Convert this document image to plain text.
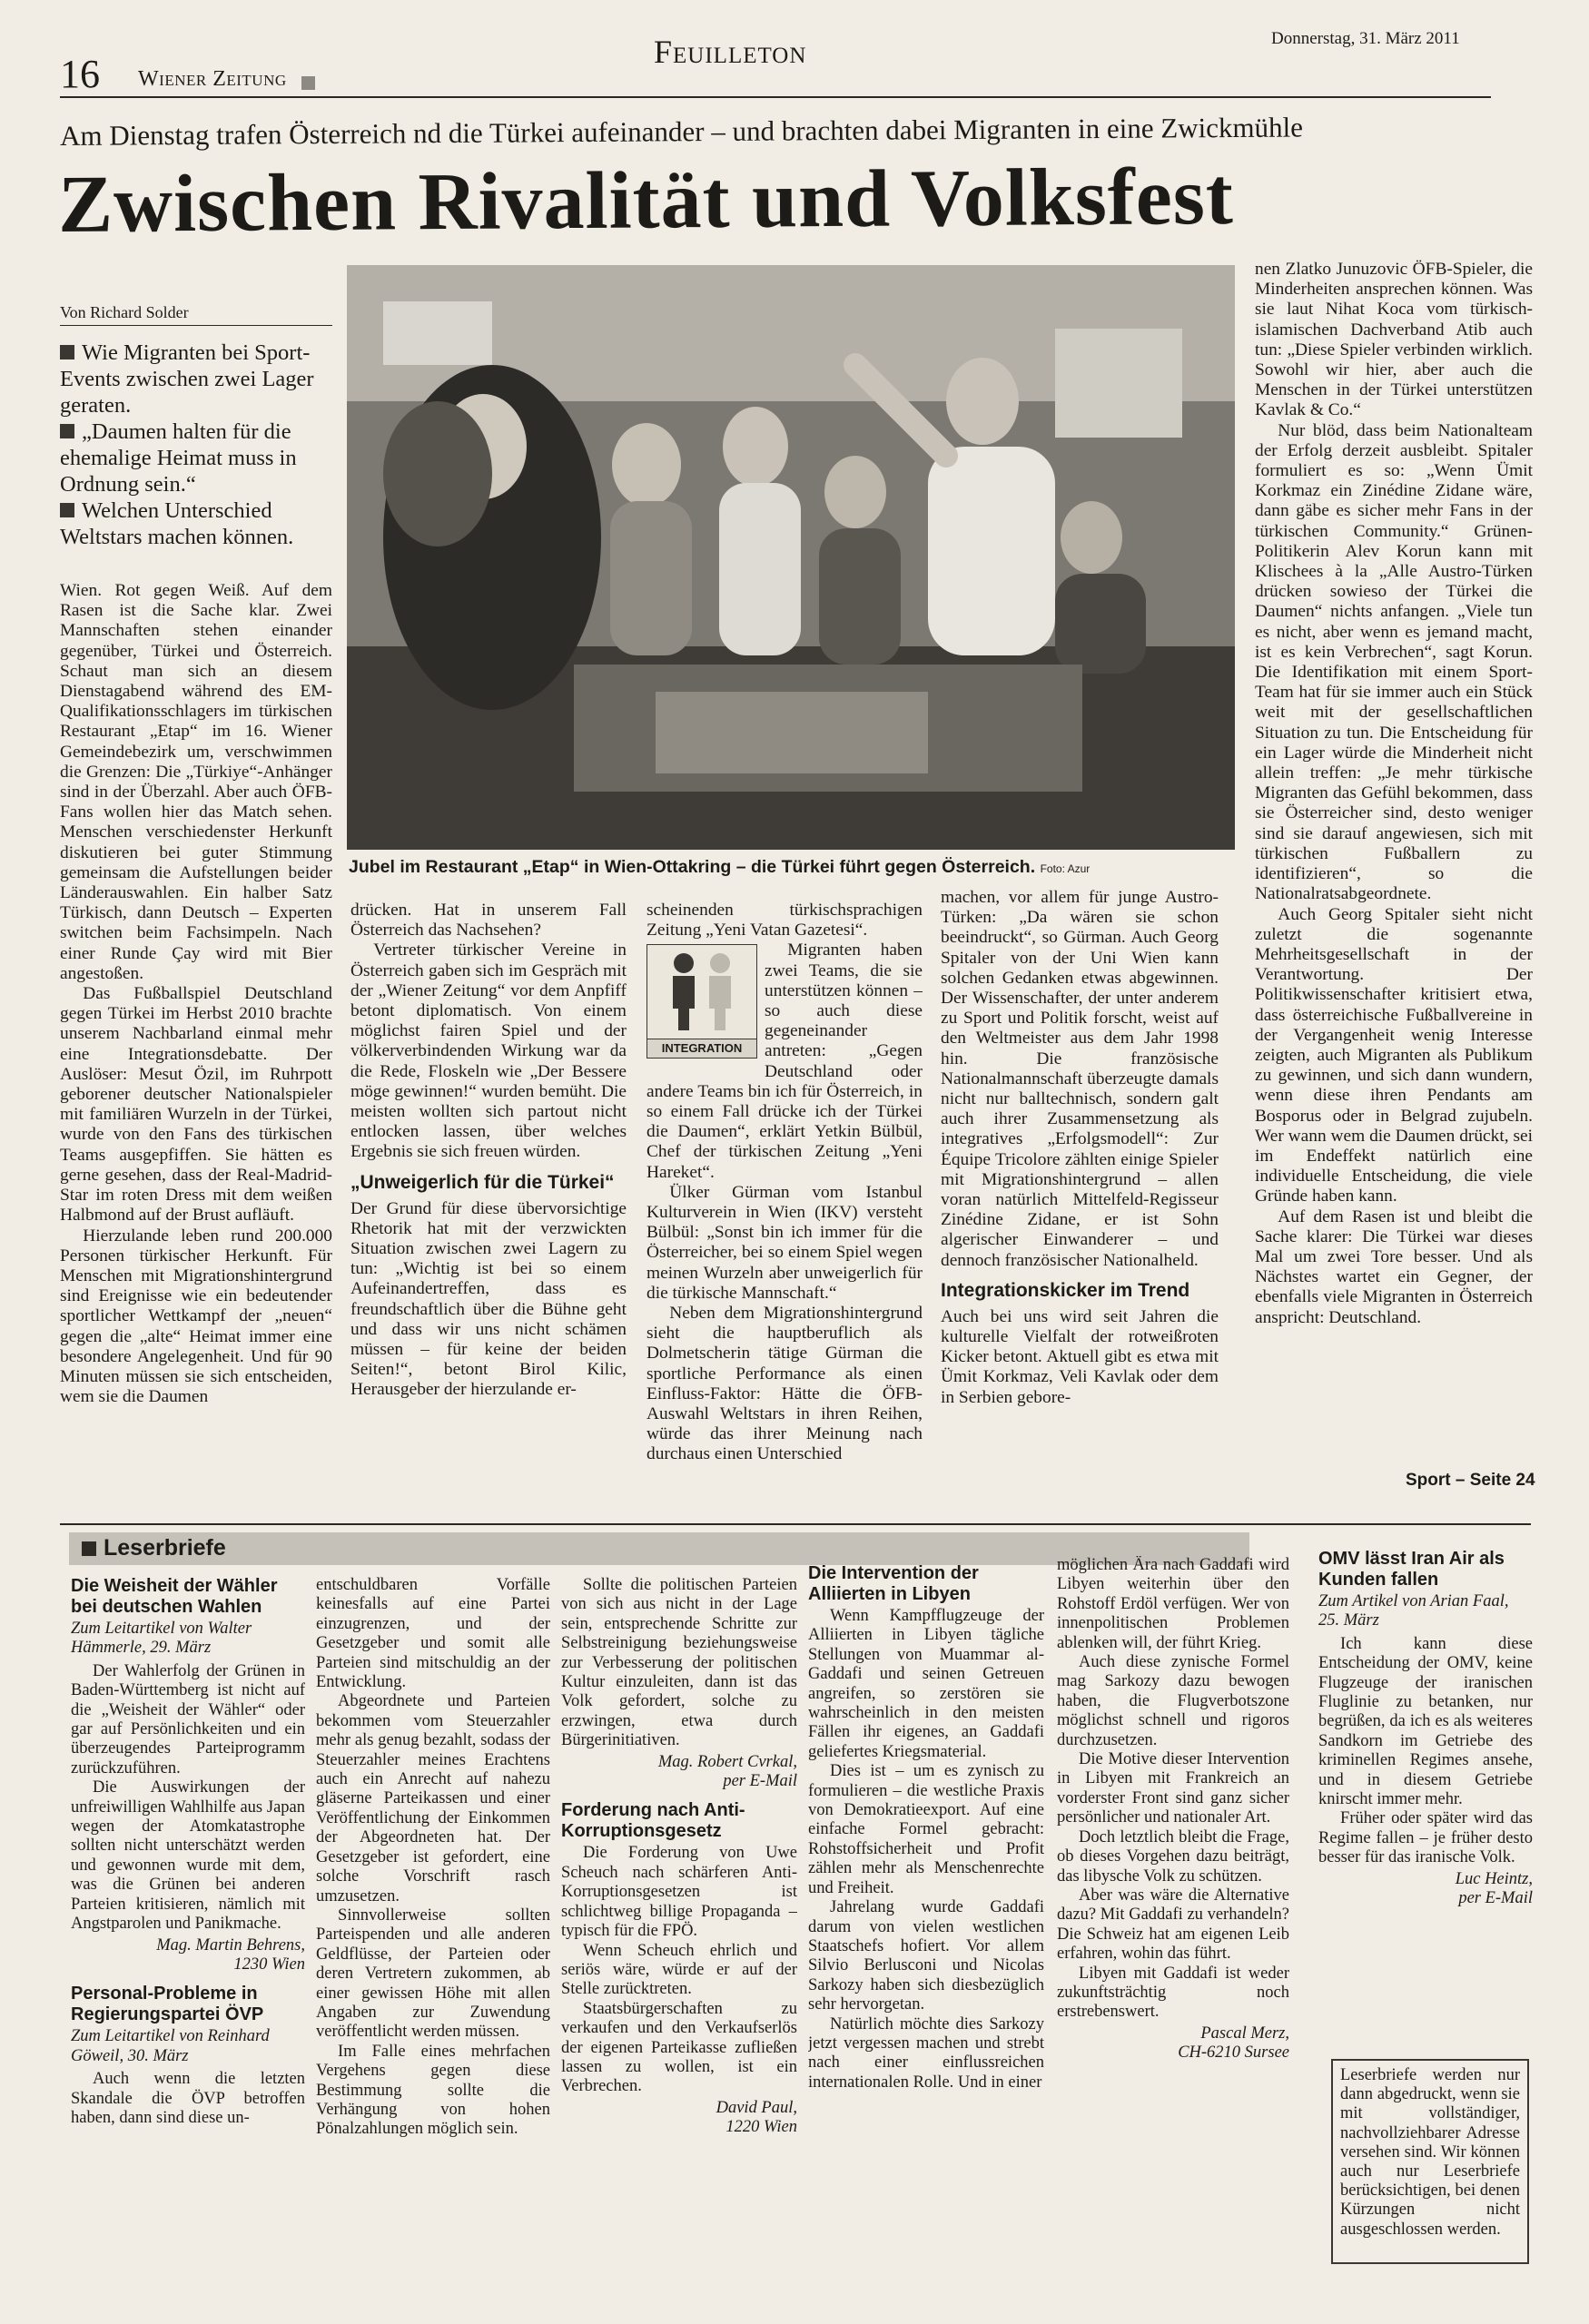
16 Wiener Zeitung
Feuilleton	Donnerstag, 31. März 2011
Am Dienstag trafen Österreich nd die Türkei aufeinander – und brachten dabei Migranten in eine Zwickmühle
Zwischen Rivalität und Volksfest
Von Richard Solder
Wie Migranten bei Sport-Events zwischen zwei Lager geraten.
„Daumen halten für die ehemalige Heimat muss in Ordnung sein.“
Welchen Unterschied Weltstars machen können.
Jubel im Restaurant „Etap“ in Wien-Ottakring – die Türkei führt gegen Österreich. Foto: Azur

Wien. Rot gegen Weiß. Auf dem Rasen ist die Sache klar. Zwei Mannschaften stehen einander gegenüber, Türkei und Österreich. Schaut man sich an diesem Dienstagabend während des EM-Qualifikationsschlagers im türkischen Restaurant „Etap“ im 16. Wiener Gemeindebezirk um, verschwimmen die Grenzen: Die „Türkiye“-Anhänger sind in der Überzahl. Aber auch ÖFB-Fans wollen hier das Match sehen. Menschen verschiedenster Herkunft diskutieren bei guter Stimmung gemeinsam die Aufstellungen beider Länderauswahlen. Ein halber Satz Türkisch, dann Deutsch – Experten switchen beim Fachsimpeln. Nach einer Runde Çay wird mit Bier angestoßen.

Das Fußballspiel Deutschland gegen Türkei im Herbst 2010 brachte unserem Nachbarland einmal mehr eine Integrationsdebatte. Der Auslöser: Mesut Özil, im Ruhrpott geborener deutscher Nationalspieler mit familiären Wurzeln in der Türkei, wurde von den Fans des türkischen Teams ausgepfiffen. Sie hätten es gerne gesehen, dass der Real-Madrid-Star im roten Dress mit dem weißen Halbmond auf der Brust aufläuft.

Hierzulande leben rund 200.000 Personen türkischer Herkunft. Für Menschen mit Migrationshintergrund sind Ereignisse wie ein bedeutender sportlicher Wettkampf der „neuen“ gegen die „alte“ Heimat immer eine besondere Angelegenheit. Und für 90 Minuten müssen sie sich entscheiden, wem sie die Daumen

drücken. Hat in unserem Fall Österreich das Nachsehen?

Vertreter türkischer Vereine in Österreich gaben sich im Gespräch mit der „Wiener Zeitung“ vor dem Anpfiff betont diplomatisch. Von einem möglichst fairen Spiel und der völkerverbindenden Wirkung war da die Rede, Floskeln wie „Der Bessere möge gewinnen!“ wurden bemüht. Die meisten wollten sich partout nicht entlocken lassen, über welches Ergebnis sie sich freuen würden.

„Unweigerlich für die Türkei“

Der Grund für diese übervorsichtige Rhetorik hat mit der verzwickten Situation zwischen zwei Lagern zu tun: „Wichtig ist bei so einem Aufeinandertreffen, dass es freundschaftlich über die Bühne geht und dass wir uns nicht schämen müssen – für keine der beiden Seiten!“, betont Birol Kilic, Herausgeber der hierzulande er-

scheinenden türkischsprachigen Zeitung „Yeni Vatan Gazetesi“.

INTEGRATION

Migranten haben zwei Teams, die sie unterstützen können – so auch diese gegeneinander antreten: „Gegen Deutschland oder andere Teams bin ich für Österreich, in so einem Fall drücke ich der Türkei die Daumen“, erklärt Yetkin Bülbül, Chef der türkischen Zeitung „Yeni Hareket“.

Ülker Gürman vom Istanbul Kulturverein in Wien (IKV) versteht Bülbül: „Sonst bin ich immer für die Österreicher, bei so einem Spiel wegen meinen Wurzeln aber unweigerlich für die türkische Mannschaft.“

Neben dem Migrationshintergrund sieht die hauptberuflich als Dolmetscherin tätige Gürman die sportliche Performance als einen Einfluss-Faktor: Hätte die ÖFB-Auswahl Weltstars in ihren Reihen, würde das ihrer Meinung nach durchaus einen Unterschied

machen, vor allem für junge Austro-Türken: „Da wären sie schon beeindruckt“, so Gürman. Auch Georg Spitaler von der Uni Wien kann solchen Gedanken etwas abgewinnen. Der Wissenschafter, der unter anderem zu Sport und Politik forscht, weist auf den Weltmeister aus dem Jahr 1998 hin. Die französische Nationalmannschaft überzeugte damals nicht nur balltechnisch, sondern galt auch ihrer Zusammensetzung als integratives „Erfolgsmodell“: Zur Équipe Tricolore zählten einige Spieler mit Migrationshintergrund – allen voran natürlich Mittelfeld-Regisseur Zinédine Zidane, er ist Sohn algerischer Einwanderer – und dennoch französischer Nationalheld.

Integrationskicker im Trend

Auch bei uns wird seit Jahren die kulturelle Vielfalt der rotweißroten Kicker betont. Aktuell gibt es etwa mit Ümit Korkmaz, Veli Kavlak oder dem in Serbien gebore-

nen Zlatko Junuzovic ÖFB-Spieler, die Minderheiten ansprechen können. Was sie laut Nihat Koca vom türkisch-islamischen Dachverband Atib auch tun: „Diese Spieler verbinden wirklich. Sowohl wir hier, aber auch die Menschen in der Türkei unterstützen Kavlak & Co.“

Nur blöd, dass beim Nationalteam der Erfolg derzeit ausbleibt. Spitaler formuliert es so: „Wenn Ümit Korkmaz ein Zinédine Zidane wäre, dann gäbe es sicher mehr Fans in der türkischen Community.“ Grünen-Politikerin Alev Korun kann mit Klischees à la „Alle Austro-Türken drücken sowieso der Türkei die Daumen“ nichts anfangen. „Viele tun es nicht, aber wenn es jemand macht, ist es kein Verbrechen“, sagt Korun. Die Identifikation mit einem Sport-Team hat für sie immer auch ein Stück weit mit der gesellschaftlichen Situation zu tun. Die Entscheidung für ein Lager würde die Minderheit nicht allein treffen: „Je mehr türkische Migranten das Gefühl bekommen, dass sie Österreicher sind, desto weniger sind sie darauf angewiesen, sich mit türkischen Fußballern zu identifizieren“, so die Nationalratsabgeordnete.

Auch Georg Spitaler sieht nicht zuletzt die sogenannte Mehrheitsgesellschaft in der Verantwortung. Der Politikwissenschafter kritisiert etwa, dass österreichische Fußballvereine in der Vergangenheit wenig Interesse zeigten, auch Migranten als Publikum zu gewinnen, und sich dann wundern, wenn diese ihren Pendants am Bosporus oder in Belgrad zujubeln. Wer wann wem die Daumen drückt, sei im Endeffekt natürlich eine individuelle Entscheidung, die viele Gründe haben kann.

Auf dem Rasen ist und bleibt die Sache klarer: Die Türkei war dieses Mal um zwei Tore besser. Und als Nächstes wartet ein Gegner, der ebenfalls viele Migranten in Österreich anspricht: Deutschland.

Sport – Seite 24
Leserbriefe
Die Weisheit der Wähler bei deutschen Wahlen

Zum Leitartikel von Walter Hämmerle, 29. März

Der Wahlerfolg der Grünen in Baden-Württemberg ist nicht auf die „Weisheit der Wähler“ oder gar auf Persönlichkeiten und ein überzeugendes Parteiprogramm zurückzuführen.

Die Auswirkungen der unfreiwilligen Wahlhilfe aus Japan wegen der Atomkatastrophe sollten nicht unterschätzt werden und gewonnen wurde mit dem, was die Grünen bei anderen Parteien kritisieren, nämlich mit Angstparolen und Panikmache.

Mag. Martin Behrens,
1230 Wien

Personal-Probleme in Regierungspartei ÖVP

Zum Leitartikel von Reinhard Göweil, 30. März

Auch wenn die letzten Skandale die ÖVP betroffen haben, dann sind diese un-

entschuldbaren Vorfälle keinesfalls auf eine Partei einzugrenzen, und der Gesetzgeber und somit alle Parteien sind mitschuldig an der Entwicklung.

Abgeordnete und Parteien bekommen vom Steuerzahler mehr als genug bezahlt, sodass der Steuerzahler meines Erachtens auch ein Anrecht auf nahezu gläserne Parteikassen und einer Veröffentlichung der Einkommen der Abgeordneten hat. Der Gesetzgeber ist gefordert, eine solche Vorschrift rasch umzusetzen.

Sinnvollerweise sollten Parteispenden und alle anderen Geldflüsse, der Parteien oder deren Vertretern zukommen, ab einer gewissen Höhe mit allen Angaben zur Zuwendung veröffentlicht werden müssen.

Im Falle eines mehrfachen Vergehens gegen diese Bestimmung sollte die Verhängung von hohen Pönalzahlungen möglich sein.

Sollte die politischen Parteien von sich aus nicht in der Lage sein, entsprechende Schritte zur Selbstreinigung beziehungsweise zur Verbesserung der politischen Kultur einzuleiten, dann ist das Volk gefordert, solche zu erzwingen, etwa durch Bürgerinitiativen.

Mag. Robert Cvrkal,
per E-Mail

Forderung nach Anti-Korruptionsgesetz

Die Forderung von Uwe Scheuch nach schärferen Anti-Korruptionsgesetzen ist schlichtweg billige Propaganda – typisch für die FPÖ.

Wenn Scheuch ehrlich und seriös wäre, würde er auf der Stelle zurücktreten.

Staatsbürgerschaften zu verkaufen und den Verkaufserlös der eigenen Parteikasse zufließen lassen zu wollen, ist ein Verbrechen.

David Paul,
1220 Wien

Die Intervention der Alliierten in Libyen

Wenn Kampfflugzeuge der Alliierten in Libyen tägliche Stellungen von Muammar al-Gaddafi und seinen Getreuen angreifen, so zerstören sie wahrscheinlich in den meisten Fällen ihr eigenes, an Gaddafi geliefertes Kriegsmaterial.

Dies ist – um es zynisch zu formulieren – die westliche Praxis von Demokratieexport. Auf eine einfache Formel gebracht: Rohstoffsicherheit und Profit zählen mehr als Menschenrechte und Freiheit.

Jahrelang wurde Gaddafi darum von vielen westlichen Staatschefs hofiert. Vor allem Silvio Berlusconi und Nicolas Sarkozy haben sich diesbezüglich sehr hervorgetan.

Natürlich möchte dies Sarkozy jetzt vergessen machen und strebt nach einer einflussreichen internationalen Rolle. Und in einer

möglichen Ära nach Gaddafi wird Libyen weiterhin über den Rohstoff Erdöl verfügen. Wer von innenpolitischen Problemen ablenken will, der führt Krieg.

Auch diese zynische Formel mag Sarkozy dazu bewogen haben, die Flugverbotszone möglichst schnell und rigoros durchzusetzen.

Die Motive dieser Intervention in Libyen mit Frankreich an vorderster Front sind ganz sicher persönlicher und nationaler Art.

Doch letztlich bleibt die Frage, ob dieses Vorgehen dazu beiträgt, das libysche Volk zu schützen.

Aber was wäre die Alternative dazu? Mit Gaddafi zu verhandeln? Die Schweiz hat am eigenen Leib erfahren, wohin das führt.

Libyen mit Gaddafi ist weder zukunftsträchtig noch erstrebenswert.

Pascal Merz,
CH-6210 Sursee

OMV lässt Iran Air als Kunden fallen

Zum Artikel von Arian Faal, 25. März

Ich kann diese Entscheidung der OMV, keine Flugzeuge der iranischen Fluglinie zu betanken, nur begrüßen, da ich es als weiteres Sandkorn im Getriebe des kriminellen Regimes ansehe, und in diesem Getriebe knirscht immer mehr.

Früher oder später wird das Regime fallen – je früher desto besser für das iranische Volk.

Luc Heintz,
per E-Mail

Leserbriefe werden nur dann abgedruckt, wenn sie mit vollständiger, nachvollziehbarer Adresse versehen sind. Wir können auch nur Leserbriefe berücksichtigen, bei denen Kürzungen nicht ausgeschlossen werden.
